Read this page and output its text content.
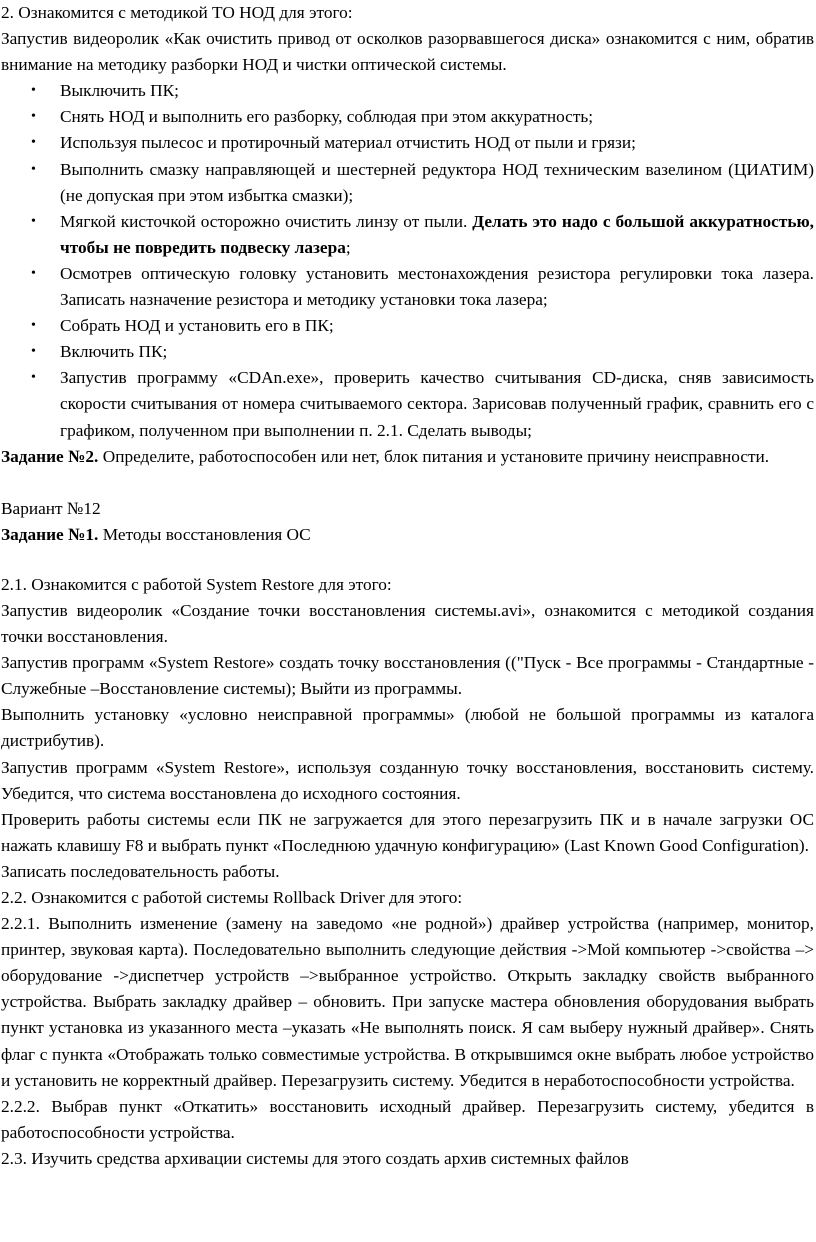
2. Ознакомится с методикой ТО НОД для этого:

Запустив видеоролик «Как очистить привод от осколков разорвавшегося диска» ознакомится с ним, обратив внимание на методику разборки НОД и чистки оптической системы.

• Выключить ПК;
• Снять НОД и выполнить его разборку, соблюдая при этом аккуратность;
• Используя пылесос и протирочный материал отчистить НОД от пыли и грязи;
• Выполнить смазку направляющей и шестерней редуктора НОД техническим вазелином (ЦИАТИМ) (не допуская при этом избытка смазки);
• Мягкой кисточкой осторожно очистить линзу от пыли. Делать это надо с большой аккуратностью, чтобы не повредить подвеску лазера;
• Осмотрев оптическую головку установить местонахождения резистора регулировки тока лазера. Записать назначение резистора и методику установки тока лазера;
• Собрать НОД и установить его в ПК;
• Включить ПК;
• Запустив программу «CDAn.exe», проверить качество считывания CD-диска, сняв зависимость скорости считывания от номера считываемого сектора. Зарисовав полученный график, сравнить его с графиком, полученном при выполнении п. 2.1. Сделать выводы;

Задание №2. Определите, работоспособен или нет, блок питания и установите причину неисправности.

Вариант №12

Задание №1. Методы восстановления ОС

2.1. Ознакомится с работой System Restore для этого:

Запустив видеоролик «Создание точки восстановления системы.avi», ознакомится с методикой создания точки восстановления.

Запустив программ «System Restore» создать точку восстановления (("Пуск - Все программы - Стандартные - Служебные –Восстановление системы); Выйти из программы.

Выполнить установку «условно неисправной программы» (любой не большой программы из каталога дистрибутив).

Запустив программ «System Restore», используя созданную точку восстановления, восстановить систему. Убедится, что система восстановлена до исходного состояния.

Проверить работы системы если ПК не загружается для этого перезагрузить ПК и в начале загрузки ОС нажать клавишу F8 и выбрать пункт «Последнюю удачную конфигурацию» (Last Known Good Configuration).

Записать последовательность работы.

2.2. Ознакомится с работой системы Rollback Driver для этого:

2.2.1. Выполнить изменение (замену на заведомо «не родной») драйвер устройства (например, монитор, принтер, звуковая карта). Последовательно выполнить следующие действия ->Мой компьютер ->свойства –> оборудование ->диспетчер устройств –>выбранное устройство. Открыть закладку свойств выбранного устройства. Выбрать закладку драйвер – обновить. При запуске мастера обновления оборудования выбрать пункт установка из указанного места –указать «Не выполнять поиск. Я сам выберу нужный драйвер». Снять флаг с пункта «Отображать только совместимые устройства. В открывшимся окне выбрать любое устройство и установить не корректный драйвер. Перезагрузить систему. Убедится в неработоспособности устройства.

2.2.2. Выбрав пункт «Откатить» восстановить исходный драйвер. Перезагрузить систему, убедится в работоспособности устройства.

2.3. Изучить средства архивации системы для этого создать архив системных файлов
